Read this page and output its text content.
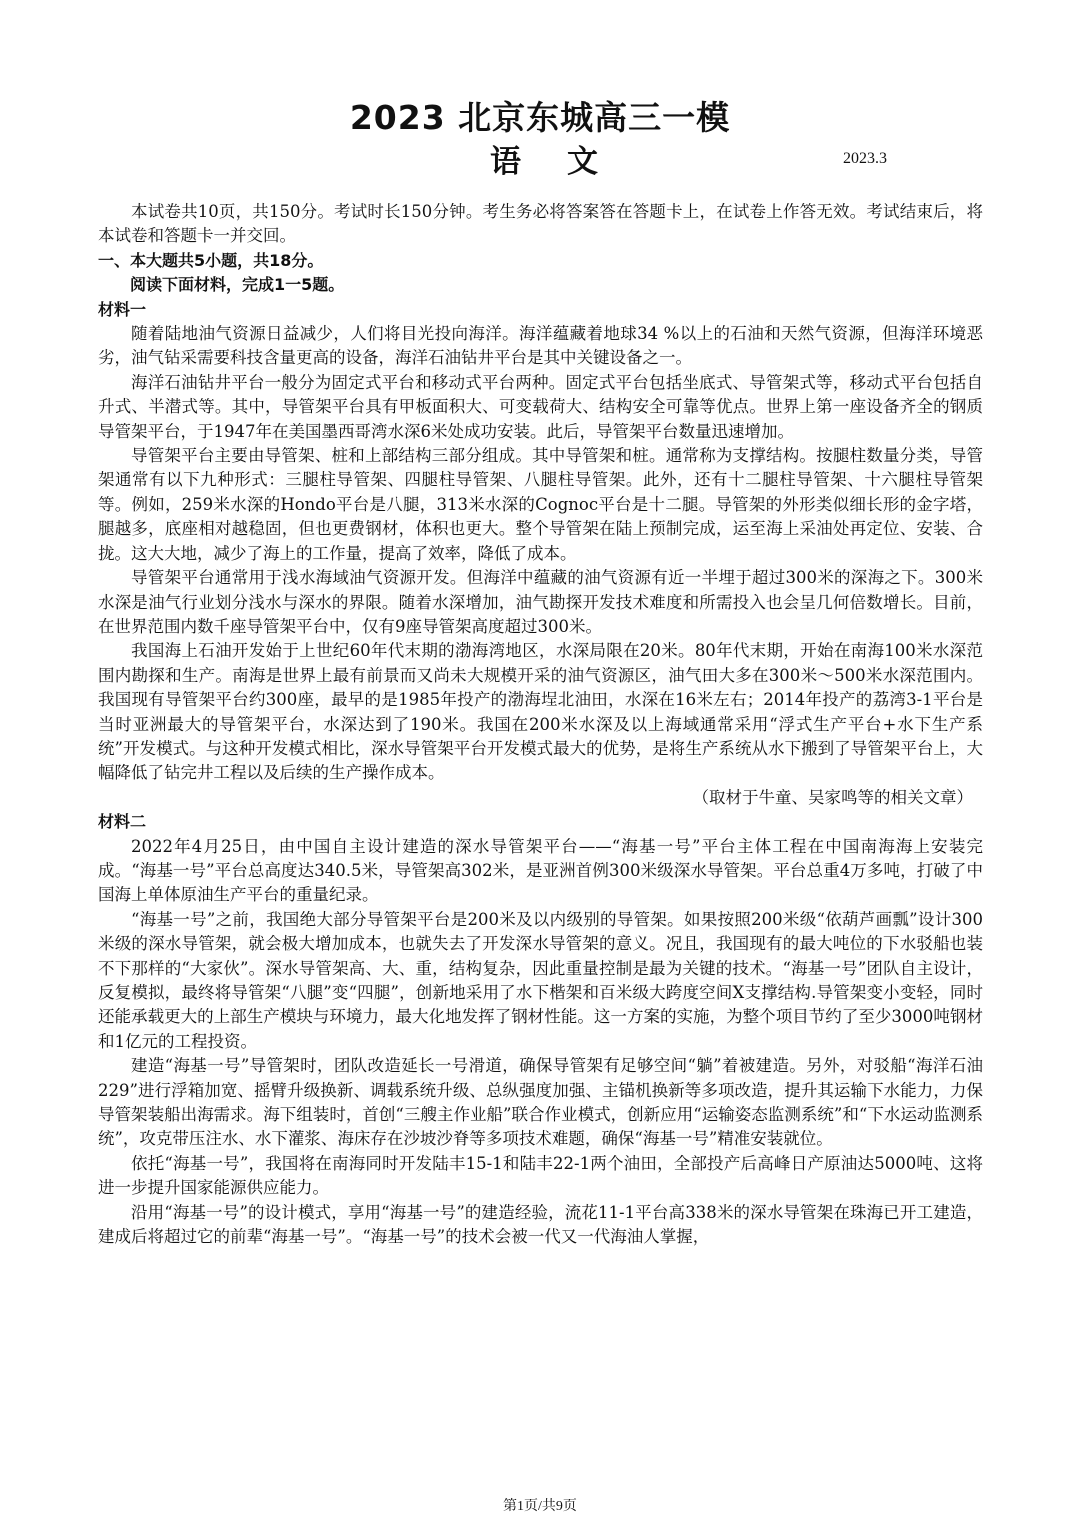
2023 北京东城高三一模
语文	2023.3

本试卷共10页，共150分。考试时长150分钟。考生务必将答案答在答题卡上，在试卷上作答无效。考试结束后，将本试卷和答题卡一并交回。

一、本大题共5小题，共18分。

阅读下面材料，完成1一5题。

材料一

随着陆地油气资源日益减少，人们将目光投向海洋。海洋蕴藏着地球34 %以上的石油和天然气资源，但海洋环境恶劣，油气钻采需要科技含量更高的设备，海洋石油钻井平台是其中关键设备之一。

海洋石油钻井平台一般分为固定式平台和移动式平台两种。固定式平台包括坐底式、导管架式等，移动式平台包括自升式、半潜式等。其中，导管架平台具有甲板面积大、可变载荷大、结构安全可靠等优点。世界上第一座设备齐全的钢质导管架平台，于1947年在美国墨西哥湾水深6米处成功安装。此后，导管架平台数量迅速增加。

导管架平台主要由导管架、桩和上部结构三部分组成。其中导管架和桩。通常称为支撑结构。按腿柱数量分类，导管架通常有以下九种形式：三腿柱导管架、四腿柱导管架、八腿柱导管架。此外，还有十二腿柱导管架、十六腿柱导管架等。例如，259米水深的Hondo平台是八腿，313米水深的Cognoc平台是十二腿。导管架的外形类似细长形的金字塔，腿越多，底座相对越稳固，但也更费钢材，体积也更大。整个导管架在陆上预制完成，运至海上采油处再定位、安装、合拢。这大大地，减少了海上的工作量，提高了效率，降低了成本。

导管架平台通常用于浅水海域油气资源开发。但海洋中蕴藏的油气资源有近一半埋于超过300米的深海之下。300米水深是油气行业划分浅水与深水的界限。随着水深增加，油气勘探开发技术难度和所需投入也会呈几何倍数增长。目前，在世界范围内数千座导管架平台中，仅有9座导管架高度超过300米。

我国海上石油开发始于上世纪60年代末期的渤海湾地区，水深局限在20米。80年代末期，开始在南海100米水深范围内勘探和生产。南海是世界上最有前景而又尚未大规模开采的油气资源区，油气田大多在300米～500米水深范围内。我国现有导管架平台约300座，最早的是1985年投产的渤海埕北油田，水深在16米左右；2014年投产的荔湾3-1平台是当时亚洲最大的导管架平台，水深达到了190米。我国在200米水深及以上海域通常采用“浮式生产平台+水下生产系统”开发模式。与这种开发模式相比，深水导管架平台开发模式最大的优势，是将生产系统从水下搬到了导管架平台上，大幅降低了钻完井工程以及后续的生产操作成本。

（取材于牛童、吴家鸣等的相关文章）

材料二

2022年4月25日，由中国自主设计建造的深水导管架平台——“海基一号”平台主体工程在中国南海海上安装完成。“海基一号”平台总高度达340.5米，导管架高302米，是亚洲首例300米级深水导管架。平台总重4万多吨，打破了中国海上单体原油生产平台的重量纪录。

“海基一号”之前，我国绝大部分导管架平台是200米及以内级别的导管架。如果按照200米级“依葫芦画瓢”设计300米级的深水导管架，就会极大增加成本，也就失去了开发深水导管架的意义。况且，我国现有的最大吨位的下水驳船也装不下那样的“大家伙”。深水导管架高、大、重，结构复杂，因此重量控制是最为关键的技术。“海基一号”团队自主设计，反复模拟，最终将导管架“八腿”变“四腿”，创新地采用了水下楷架和百米级大跨度空间X支撑结构.导管架变小变轻，同时还能承载更大的上部生产模块与环境力，最大化地发挥了钢材性能。这一方案的实施，为整个项目节约了至少3000吨钢材和1亿元的工程投资。

建造“海基一号”导管架时，团队改造延长一号滑道，确保导管架有足够空间“躺”着被建造。另外，对驳船“海洋石油229”进行浮箱加宽、摇臂升级换新、调载系统升级、总纵强度加强、主锚机换新等多项改造，提升其运输下水能力，力保导管架装船出海需求。海下组装时，首创“三艘主作业船”联合作业模式，创新应用“运输姿态监测系统”和“下水运动监测系统”，攻克带压注水、水下灌浆、海床存在沙坡沙脊等多项技术难题，确保“海基一号”精准安装就位。

依托“海基一号”，我国将在南海同时开发陆丰15-1和陆丰22-1两个油田，全部投产后高峰日产原油达5000吨、这将进一步提升国家能源供应能力。

沿用“海基一号”的设计模式，享用“海基一号”的建造经验，流花11-1平台高338米的深水导管架在珠海已开工建造，建成后将超过它的前辈“海基一号”。“海基一号”的技术会被一代又一代海油人掌握，

第1页/共9页
